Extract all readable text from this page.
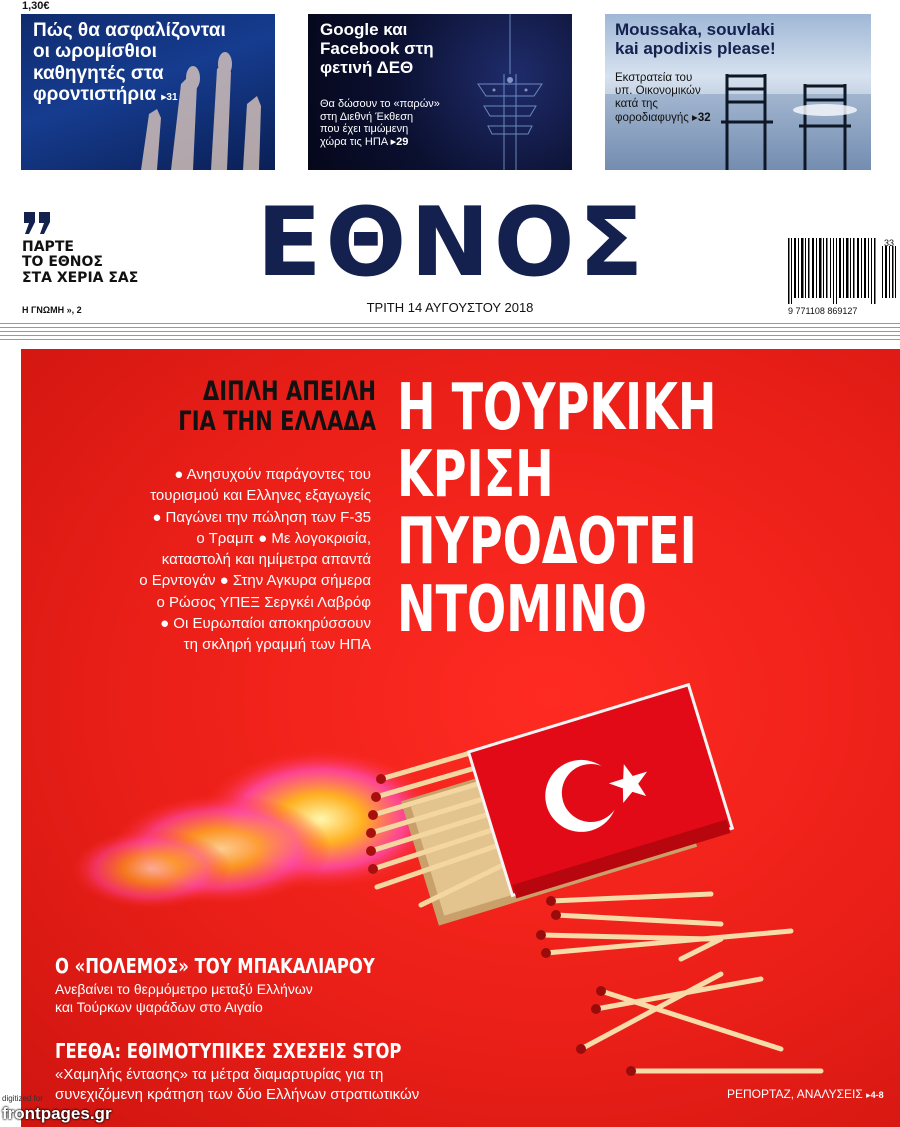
1,30€
Πώς θα ασφαλίζονται
οι ωρομίσθιοι
καθηγητές στα
φροντιστήρια ▸31
Google και
Facebook στη
φετινή ΔΕΘ
Θα δώσουν το «παρών»
στη Διεθνή Έκθεση
που έχει τιμώμενη
χώρα τις ΗΠΑ ▸29
Moussaka, souvlaki
kai apodixis please!
Εκστρατεία του
υπ. Οικονομικών
κατά της
φοροδιαφυγής ▸32
ΠΑΡΤΕ
ΤΟ ΕΘΝΟΣ
ΣΤΑ ΧΕΡΙΑ ΣΑΣ
Η ΓΝΩΜΗ », 2
ΕΘΝΟΣ
ΤΡΙΤΗ 14 ΑΥΓΟΥΣΤΟΥ 2018
33
9 771108 869127
ΔΙΠΛΗ ΑΠΕΙΛΗ
ΓΙΑ ΤΗΝ ΕΛΛΑΔΑ Η ΤΟΥΡΚΙΚΗ
ΚΡΙΣΗ
ΠΥΡΟΔΟΤΕΙ
ΝΤΟΜΙΝΟ
● Ανησυχούν παράγοντες του
τουρισμού και Ελληνες εξαγωγείς
● Παγώνει την πώληση των F-35
ο Τραμπ ● Με λογοκρισία,
καταστολή και ημίμετρα απαντά
ο Ερντογάν ● Στην Αγκυρα σήμερα
ο Ρώσος ΥΠΕΞ Σεργκέι Λαβρόφ
● Οι Ευρωπαίοι αποκηρύσσουν
τη σκληρή γραμμή των ΗΠΑ
Ο «ΠΟΛΕΜΟΣ» ΤΟΥ ΜΠΑΚΑΛΙΑΡΟΥ
Ανεβαίνει το θερμόμετρο μεταξύ Ελλήνων
και Τούρκων ψαράδων στο Αιγαίο
ΓΕΕΘΑ: ΕΘΙΜΟΤΥΠΙΚΕΣ ΣΧΕΣΕΙΣ STOP
«Χαμηλής έντασης» τα μέτρα διαμαρτυρίας για τη
συνεχιζόμενη κράτηση των δύο Ελλήνων στρατιωτικών	ΡΕΠΟΡΤΑΖ, ΑΝΑΛΥΣΕΙΣ ▸4-8
digitized for
frontpages.gr
